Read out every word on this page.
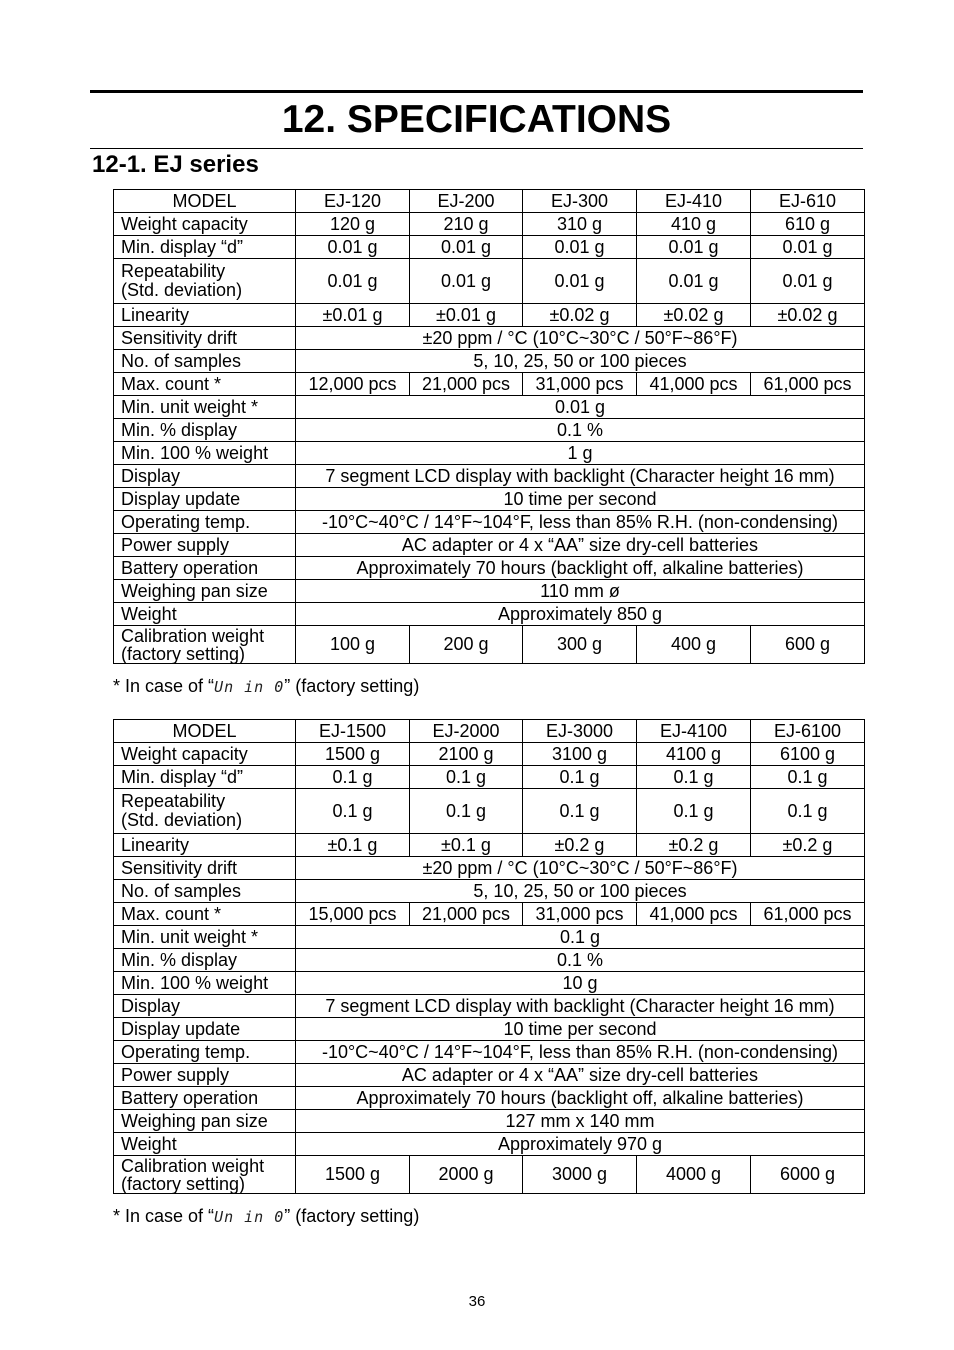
12. SPECIFICATIONS
12-1. EJ series
MODEL	EJ-120	EJ-200	EJ-300	EJ-410	EJ-610
Weight capacity	120 g	210 g	310 g	410 g	610 g
Min. display “d”	0.01 g	0.01 g	0.01 g	0.01 g	0.01 g
Repeatability
(Std. deviation)	0.01 g	0.01 g	0.01 g	0.01 g	0.01 g
Linearity	±0.01 g	±0.01 g	±0.02 g	±0.02 g	±0.02 g
Sensitivity drift	±20 ppm / °C (10°C~30°C / 50°F~86°F)				
No. of samples	5, 10, 25, 50 or 100 pieces				
Max. count *	12,000 pcs	21,000 pcs	31,000 pcs	41,000 pcs	61,000 pcs
Min. unit weight *	0.01 g				
Min. % display	0.1 %				
Min. 100 % weight	1 g				
Display	7 segment LCD display with backlight (Character height 16 mm)				
Display update	10 time per second				
Operating temp.	-10°C~40°C / 14°F~104°F, less than 85% R.H. (non-condensing)				
Power supply	AC adapter or 4 x “AA” size dry-cell batteries				
Battery operation	Approximately 70 hours (backlight off, alkaline batteries)				
Weighing pan size	110 mm ø				
Weight	Approximately 850 g				
Calibration weight
(factory setting)	100 g	200 g	300 g	400 g	600 g
* In case of “Un in 0” (factory setting)
MODEL	EJ-1500	EJ-2000	EJ-3000	EJ-4100	EJ-6100
Weight capacity	1500 g	2100 g	3100 g	4100 g	6100 g
Min. display “d”	0.1 g	0.1 g	0.1 g	0.1 g	0.1 g
Repeatability
(Std. deviation)	0.1 g	0.1 g	0.1 g	0.1 g	0.1 g
Linearity	±0.1 g	±0.1 g	±0.2 g	±0.2 g	±0.2 g
Sensitivity drift	±20 ppm / °C (10°C~30°C / 50°F~86°F)				
No. of samples	5, 10, 25, 50 or 100 pieces				
Max. count *	15,000 pcs	21,000 pcs	31,000 pcs	41,000 pcs	61,000 pcs
Min. unit weight *	0.1 g				
Min. % display	0.1 %				
Min. 100 % weight	10 g				
Display	7 segment LCD display with backlight (Character height 16 mm)				
Display update	10 time per second				
Operating temp.	-10°C~40°C / 14°F~104°F, less than 85% R.H. (non-condensing)				
Power supply	AC adapter or 4 x “AA” size dry-cell batteries				
Battery operation	Approximately 70 hours (backlight off, alkaline batteries)				
Weighing pan size	127 mm x 140 mm				
Weight	Approximately 970 g				
Calibration weight
(factory setting)	1500 g	2000 g	3000 g	4000 g	6000 g
* In case of “Un in 0” (factory setting)
36
